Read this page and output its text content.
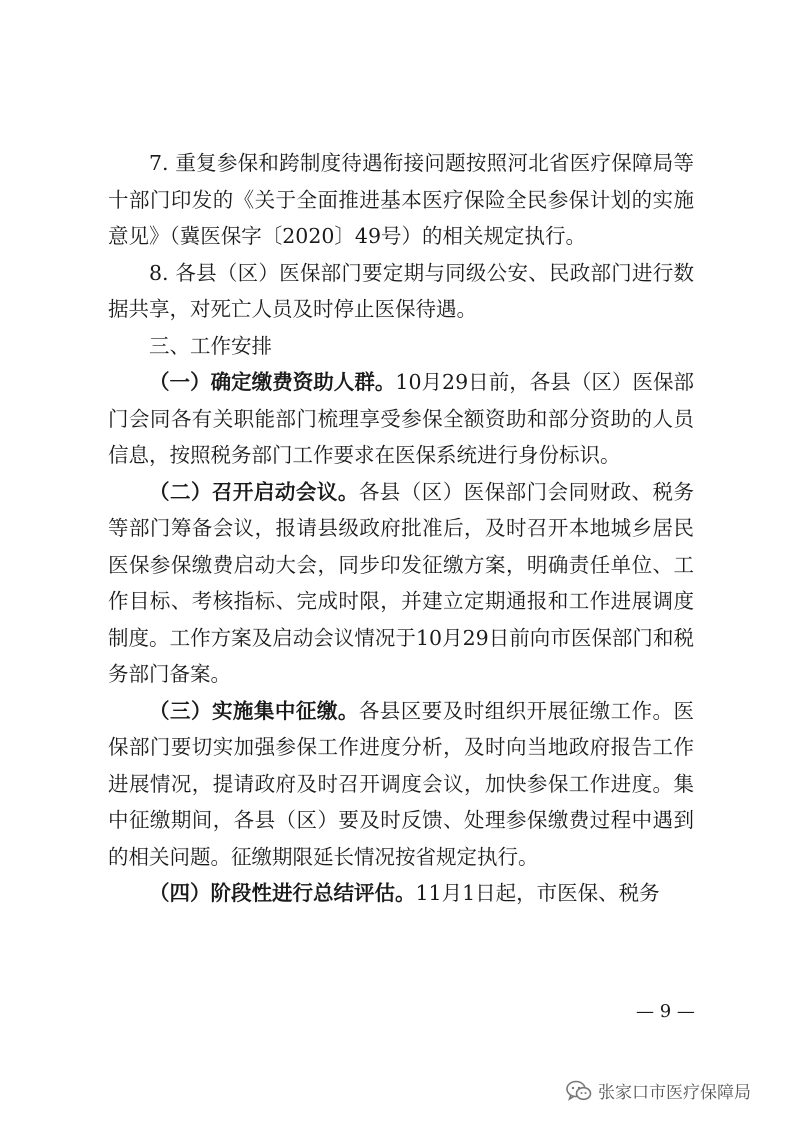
7. 重复参保和跨制度待遇衔接问题按照河北省医疗保障局等十部门印发的《关于全面推进基本医疗保险全民参保计划的实施意见》（冀医保字〔2020〕49号）的相关规定执行。

8. 各县（区）医保部门要定期与同级公安、民政部门进行数据共享，对死亡人员及时停止医保待遇。

三、工作安排

（一）确定缴费资助人群。10月29日前，各县（区）医保部门会同各有关职能部门梳理享受参保全额资助和部分资助的人员信息，按照税务部门工作要求在医保系统进行身份标识。

（二）召开启动会议。各县（区）医保部门会同财政、税务等部门筹备会议，报请县级政府批准后，及时召开本地城乡居民医保参保缴费启动大会，同步印发征缴方案，明确责任单位、工作目标、考核指标、完成时限，并建立定期通报和工作进展调度制度。工作方案及启动会议情况于10月29日前向市医保部门和税务部门备案。

（三）实施集中征缴。各县区要及时组织开展征缴工作。医保部门要切实加强参保工作进度分析，及时向当地政府报告工作进展情况，提请政府及时召开调度会议，加快参保工作进度。集中征缴期间，各县（区）要及时反馈、处理参保缴费过程中遇到的相关问题。征缴期限延长情况按省规定执行。

（四）阶段性进行总结评估。11月1日起，市医保、税务

— 9 —
张家口市医疗保障局
